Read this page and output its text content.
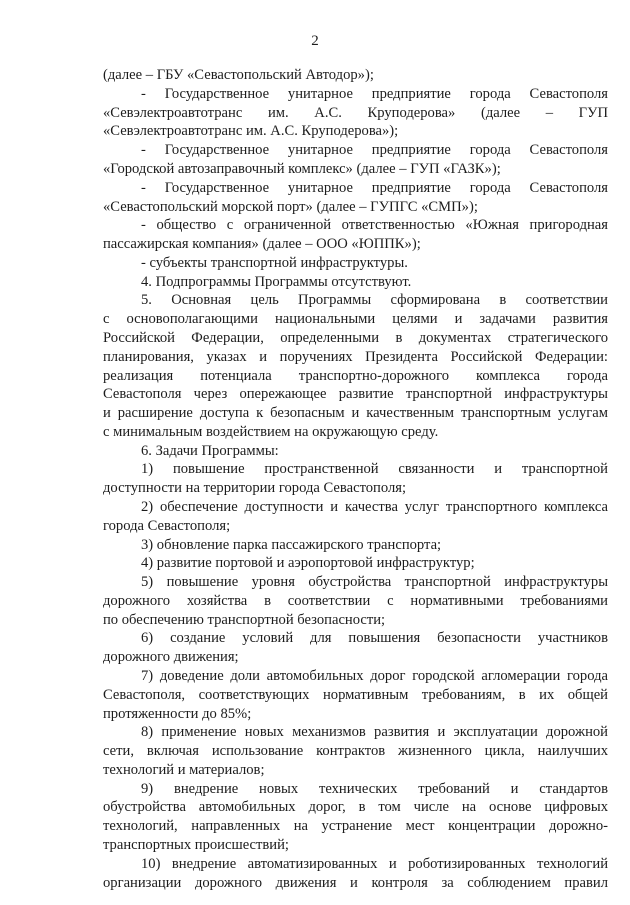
2
(далее – ГБУ «Севастопольский Автодор»);
- Государственное унитарное предприятие города Севастополя
«Севэлектроавтотранс им. А.С. Круподерова» (далее – ГУП
«Севэлектроавтотранс им. А.С. Круподерова»);
- Государственное унитарное предприятие города Севастополя
«Городской автозаправочный комплекс» (далее – ГУП «ГАЗК»);
- Государственное унитарное предприятие города Севастополя
«Севастопольский морской порт» (далее – ГУПГС «СМП»);
- общество с ограниченной ответственностью «Южная пригородная
пассажирская компания» (далее – ООО «ЮППК»);
- субъекты транспортной инфраструктуры.
4. Подпрограммы Программы отсутствуют.
5. Основная цель Программы сформирована в соответствии
с основополагающими национальными целями и задачами развития
Российской Федерации, определенными в документах стратегического
планирования, указах и поручениях Президента Российской Федерации:
реализация потенциала транспортно-дорожного комплекса города
Севастополя через опережающее развитие транспортной инфраструктуры
и расширение доступа к безопасным и качественным транспортным услугам
с минимальным воздействием на окружающую среду.
6. Задачи Программы:
1) повышение пространственной связанности и транспортной
доступности на территории города Севастополя;
2) обеспечение доступности и качества услуг транспортного комплекса
города Севастополя;
3) обновление парка пассажирского транспорта;
4) развитие портовой и аэропортовой инфраструктур;
5) повышение уровня обустройства транспортной инфраструктуры
дорожного хозяйства в соответствии с нормативными требованиями
по обеспечению транспортной безопасности;
6) создание условий для повышения безопасности участников
дорожного движения;
7) доведение доли автомобильных дорог городской агломерации города
Севастополя, соответствующих нормативным требованиям, в их общей
протяженности до 85%;
8) применение новых механизмов развития и эксплуатации дорожной
сети, включая использование контрактов жизненного цикла, наилучших
технологий и материалов;
9) внедрение новых технических требований и стандартов
обустройства автомобильных дорог, в том числе на основе цифровых
технологий, направленных на устранение мест концентрации дорожно-
транспортных происшествий;
10) внедрение автоматизированных и роботизированных технологий
организации дорожного движения и контроля за соблюдением правил
